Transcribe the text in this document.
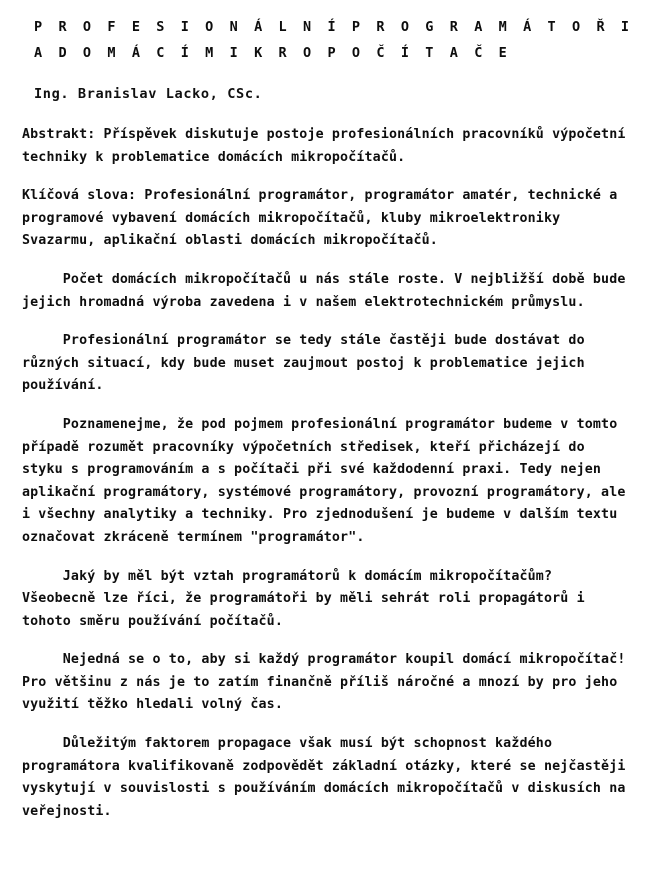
P R O F E S I O N Á L N Í P R O G R A M Á T O Ř I
A D O M Á C Í M I K R O P O Č Í T A Č E
Ing. Branislav Lacko, CSc.
Abstrakt: Příspěvek diskutuje postoje profesionálních pracovníků výpočetní techniky k problematice domácích mikropočítačů.
Klíčová slova: Profesionální programátor, programátor amatér, technické a programové vybavení domácích mikropočítačů, kluby mikroelektroniky Svazarmu, aplikační oblasti domácích mikropočítačů.
Počet domácích mikropočítačů u nás stále roste. V nejbližší době bude jejich hromadná výroba zavedena i v našem elektrotechnickém průmyslu.
Profesionální programátor se tedy stále častěji bude dostávat do různých situací, kdy bude muset zaujmout postoj k problematice jejich používání.
Poznamenejme, že pod pojmem profesionální programátor budeme v tomto případě rozumět pracovníky výpočetních středisek, kteří přicházejí do styku s programováním a s počítači při své každodenní praxi. Tedy nejen aplikační programátory, systémové programátory, provozní programátory, ale i všechny analytiky a techniky. Pro zjednodušení je budeme v dalším textu označovat zkráceně termínem "programátor".
Jaký by měl být vztah programátorů k domácím mikropočítačům? Všeobecně lze říci, že programátoři by měli sehrát roli propagátorů i tohoto směru používání počítačů.
Nejedná se o to, aby si každý programátor koupil domácí mikropočítač! Pro většinu z nás je to zatím finančně příliš náročné a mnozí by pro jeho využití těžko hledali volný čas.
Důležitým faktorem propagace však musí být schopnost každého programátora kvalifikovaně zodpovědět základní otázky, které se nejčastěji vyskytují v souvislosti s používáním domácích mikropočítačů v diskusích na veřejnosti.
